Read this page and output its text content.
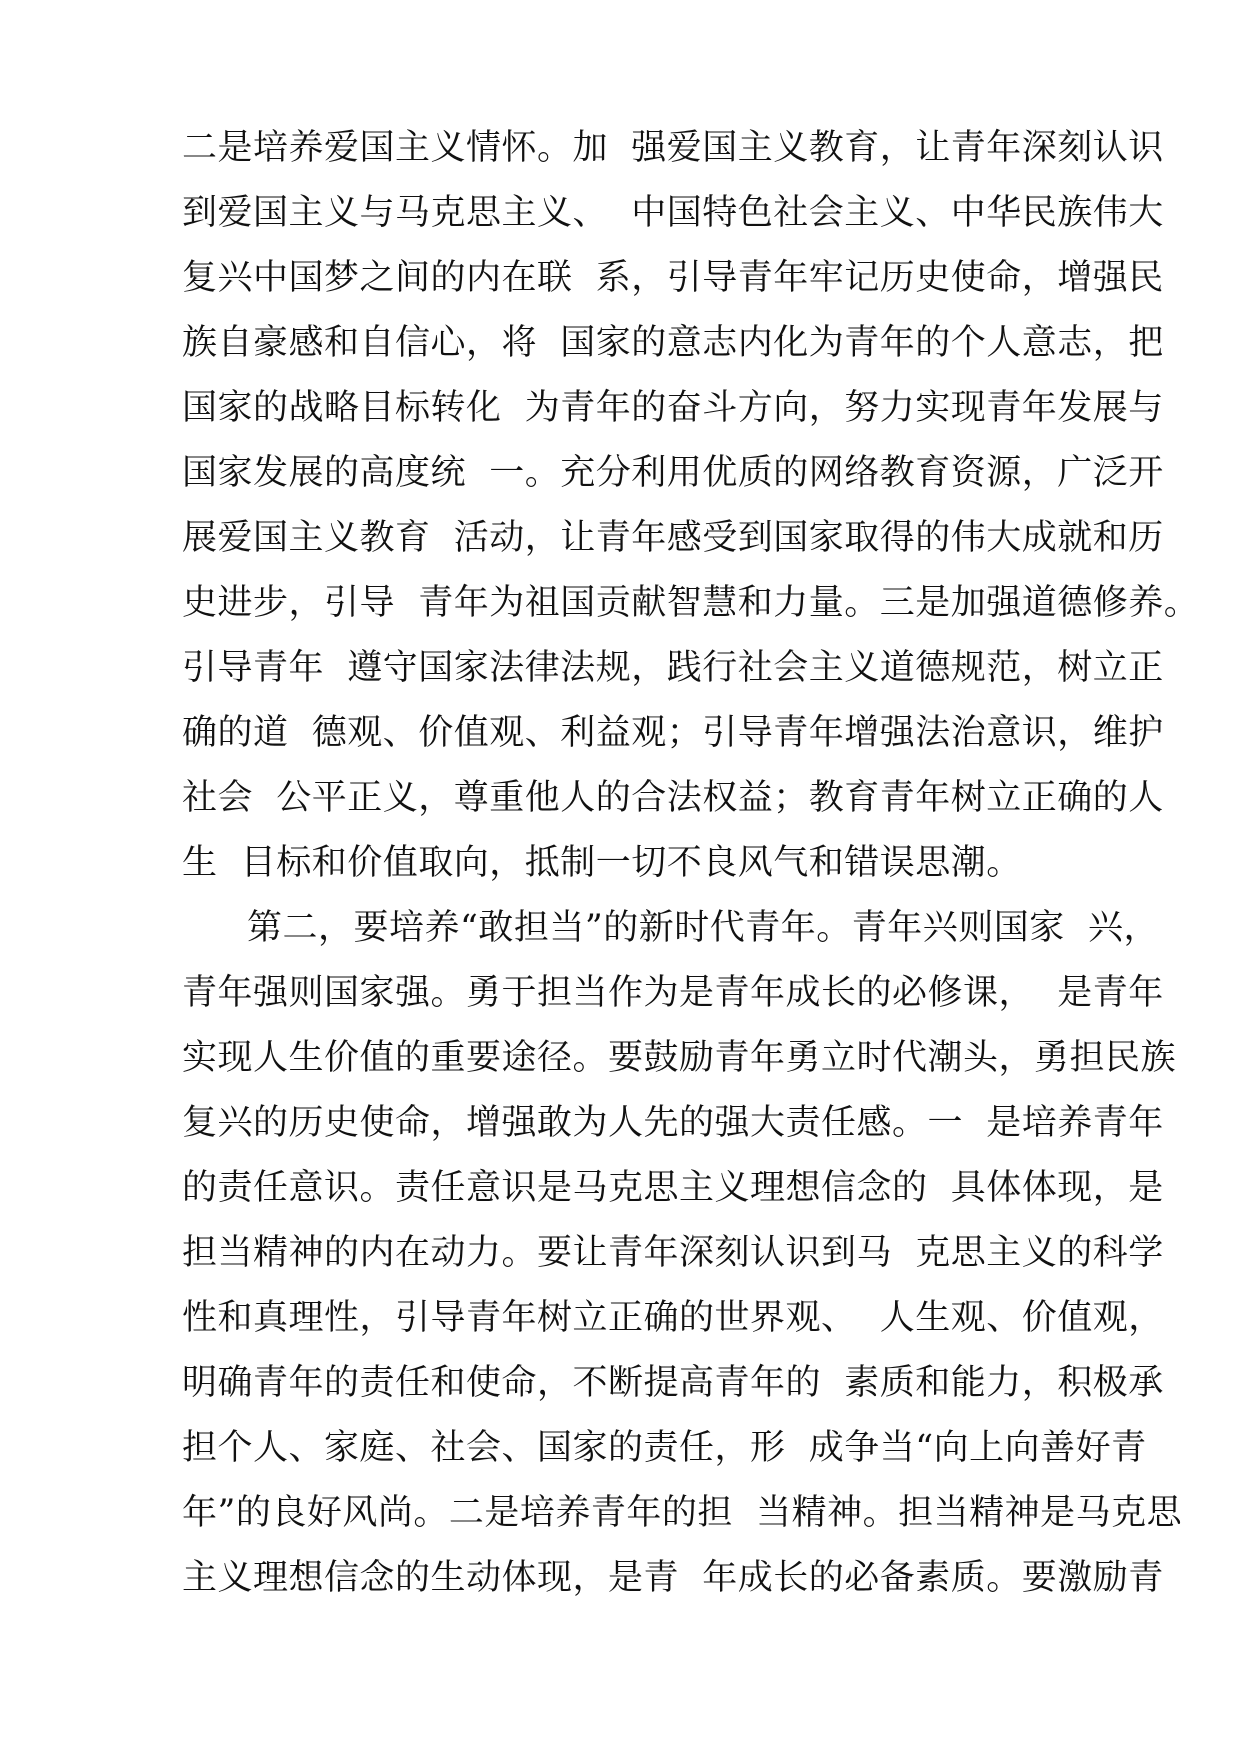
二是培养爱国主义情怀。加  强爱国主义教育，让青年深刻认识
到爱国主义与马克思主义、  中国特色社会主义、中华民族伟大
复兴中国梦之间的内在联  系，引导青年牢记历史使命，增强民
族自豪感和自信心，将  国家的意志内化为青年的个人意志，把
国家的战略目标转化  为青年的奋斗方向，努力实现青年发展与
国家发展的高度统  一。充分利用优质的网络教育资源，广泛开
展爱国主义教育  活动，让青年感受到国家取得的伟大成就和历
史进步，引导  青年为祖国贡献智慧和力量。三是加强道德修养。
引导青年  遵守国家法律法规，践行社会主义道德规范，树立正
确的道  德观、价值观、利益观；引导青年增强法治意识，维护
社会  公平正义，尊重他人的合法权益；教育青年树立正确的人
生  目标和价值取向，抵制一切不良风气和错误思潮。
第二，要培养“敢担当”的新时代青年。青年兴则国家  兴，
青年强则国家强。勇于担当作为是青年成长的必修课，  是青年
实现人生价值的重要途径。要鼓励青年勇立时代潮头，勇担民族
复兴的历史使命，增强敢为人先的强大责任感。一  是培养青年
的责任意识。责任意识是马克思主义理想信念的  具体体现，是
担当精神的内在动力。要让青年深刻认识到马  克思主义的科学
性和真理性，引导青年树立正确的世界观、  人生观、价值观，
明确青年的责任和使命，不断提高青年的  素质和能力，积极承
担个人、家庭、社会、国家的责任，形  成争当“向上向善好青
年”的良好风尚。二是培养青年的担  当精神。担当精神是马克思
主义理想信念的生动体现，是青  年成长的必备素质。要激励青
